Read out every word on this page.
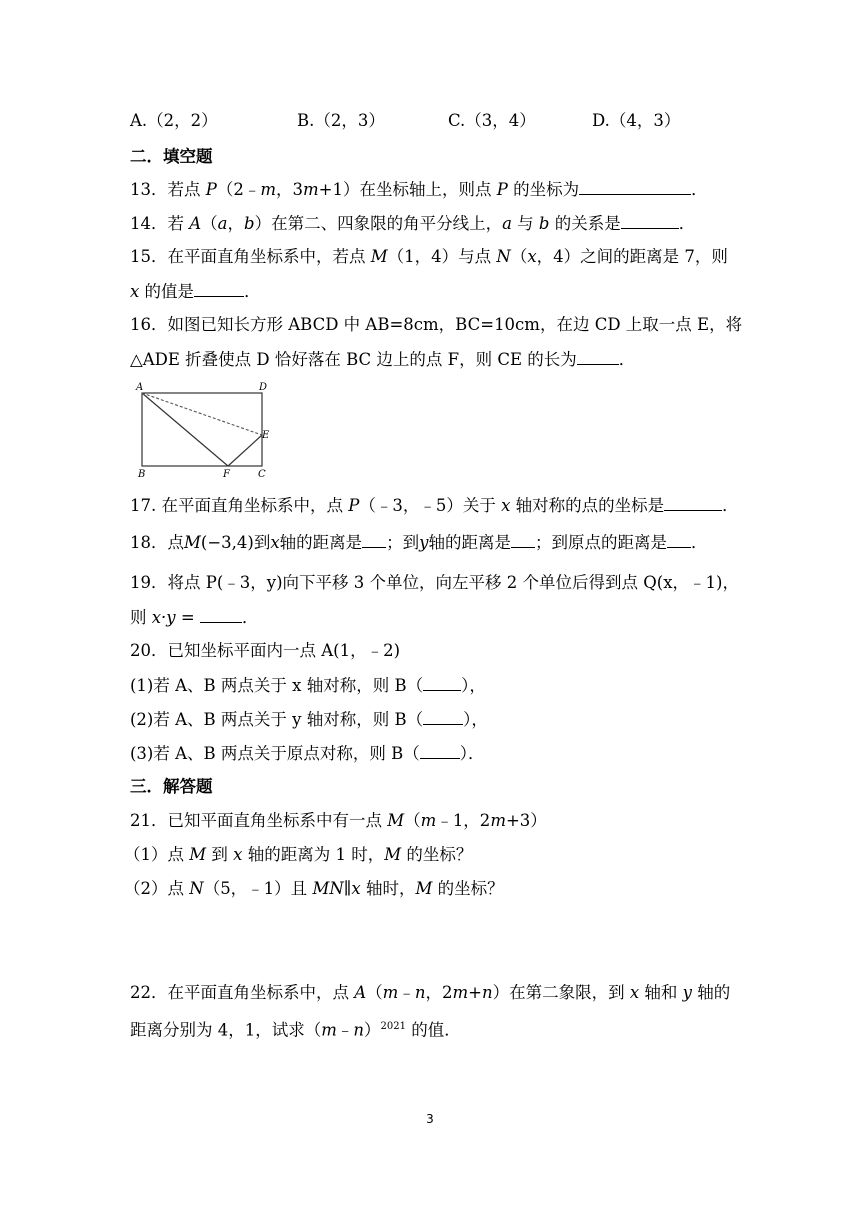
A.（2，2）	B.（2，3）	C.（3，4）	D.（4，3）
二．填空题
13．若点 P（2﹣m，3m+1）在坐标轴上，则点 P 的坐标为	．
14．若 A（a，b）在第二、四象限的角平分线上，a 与 b 的关系是	．
15．在平面直角坐标系中，若点 M（1，4）与点 N（x，4）之间的距离是 7，则
x 的值是	．
16．如图已知长方形 ABCD 中 AB=8cm，BC=10cm，在边 CD 上取一点 E，将
△ADE 折叠使点 D 恰好落在 BC 边上的点 F，则 CE 的长为	．
A	D
E
B	F	C
17. 在平面直角坐标系中，点 P（﹣3，﹣5）关于 x 轴对称的点的坐标是	．
18．点M(−3,4)到x轴的距离是 ；到y轴的距离是 ；到原点的距离是 ．
19．将点 P(﹣3，y)向下平移 3 个单位，向左平移 2 个单位后得到点 Q(x，﹣1)，
则 x·y =	．
20．已知坐标平面内一点 A(1，﹣2)
(1)若 A、B 两点关于 x 轴对称，则 B（ ），
(2)若 A、B 两点关于 y 轴对称，则 B（ ），
(3)若 A、B 两点关于原点对称，则 B（ ）．
三．解答题
21．已知平面直角坐标系中有一点 M（m﹣1，2m+3）
（1）点 M 到 x 轴的距离为 1 时，M 的坐标？
（2）点 N（5，﹣1）且 MN∥x 轴时，M 的坐标？
22．在平面直角坐标系中，点 A（m﹣n，2m+n）在第二象限，到 x 轴和 y 轴的
距离分别为 4，1，试求（m﹣n）$^{2021}$ 的值．
3
